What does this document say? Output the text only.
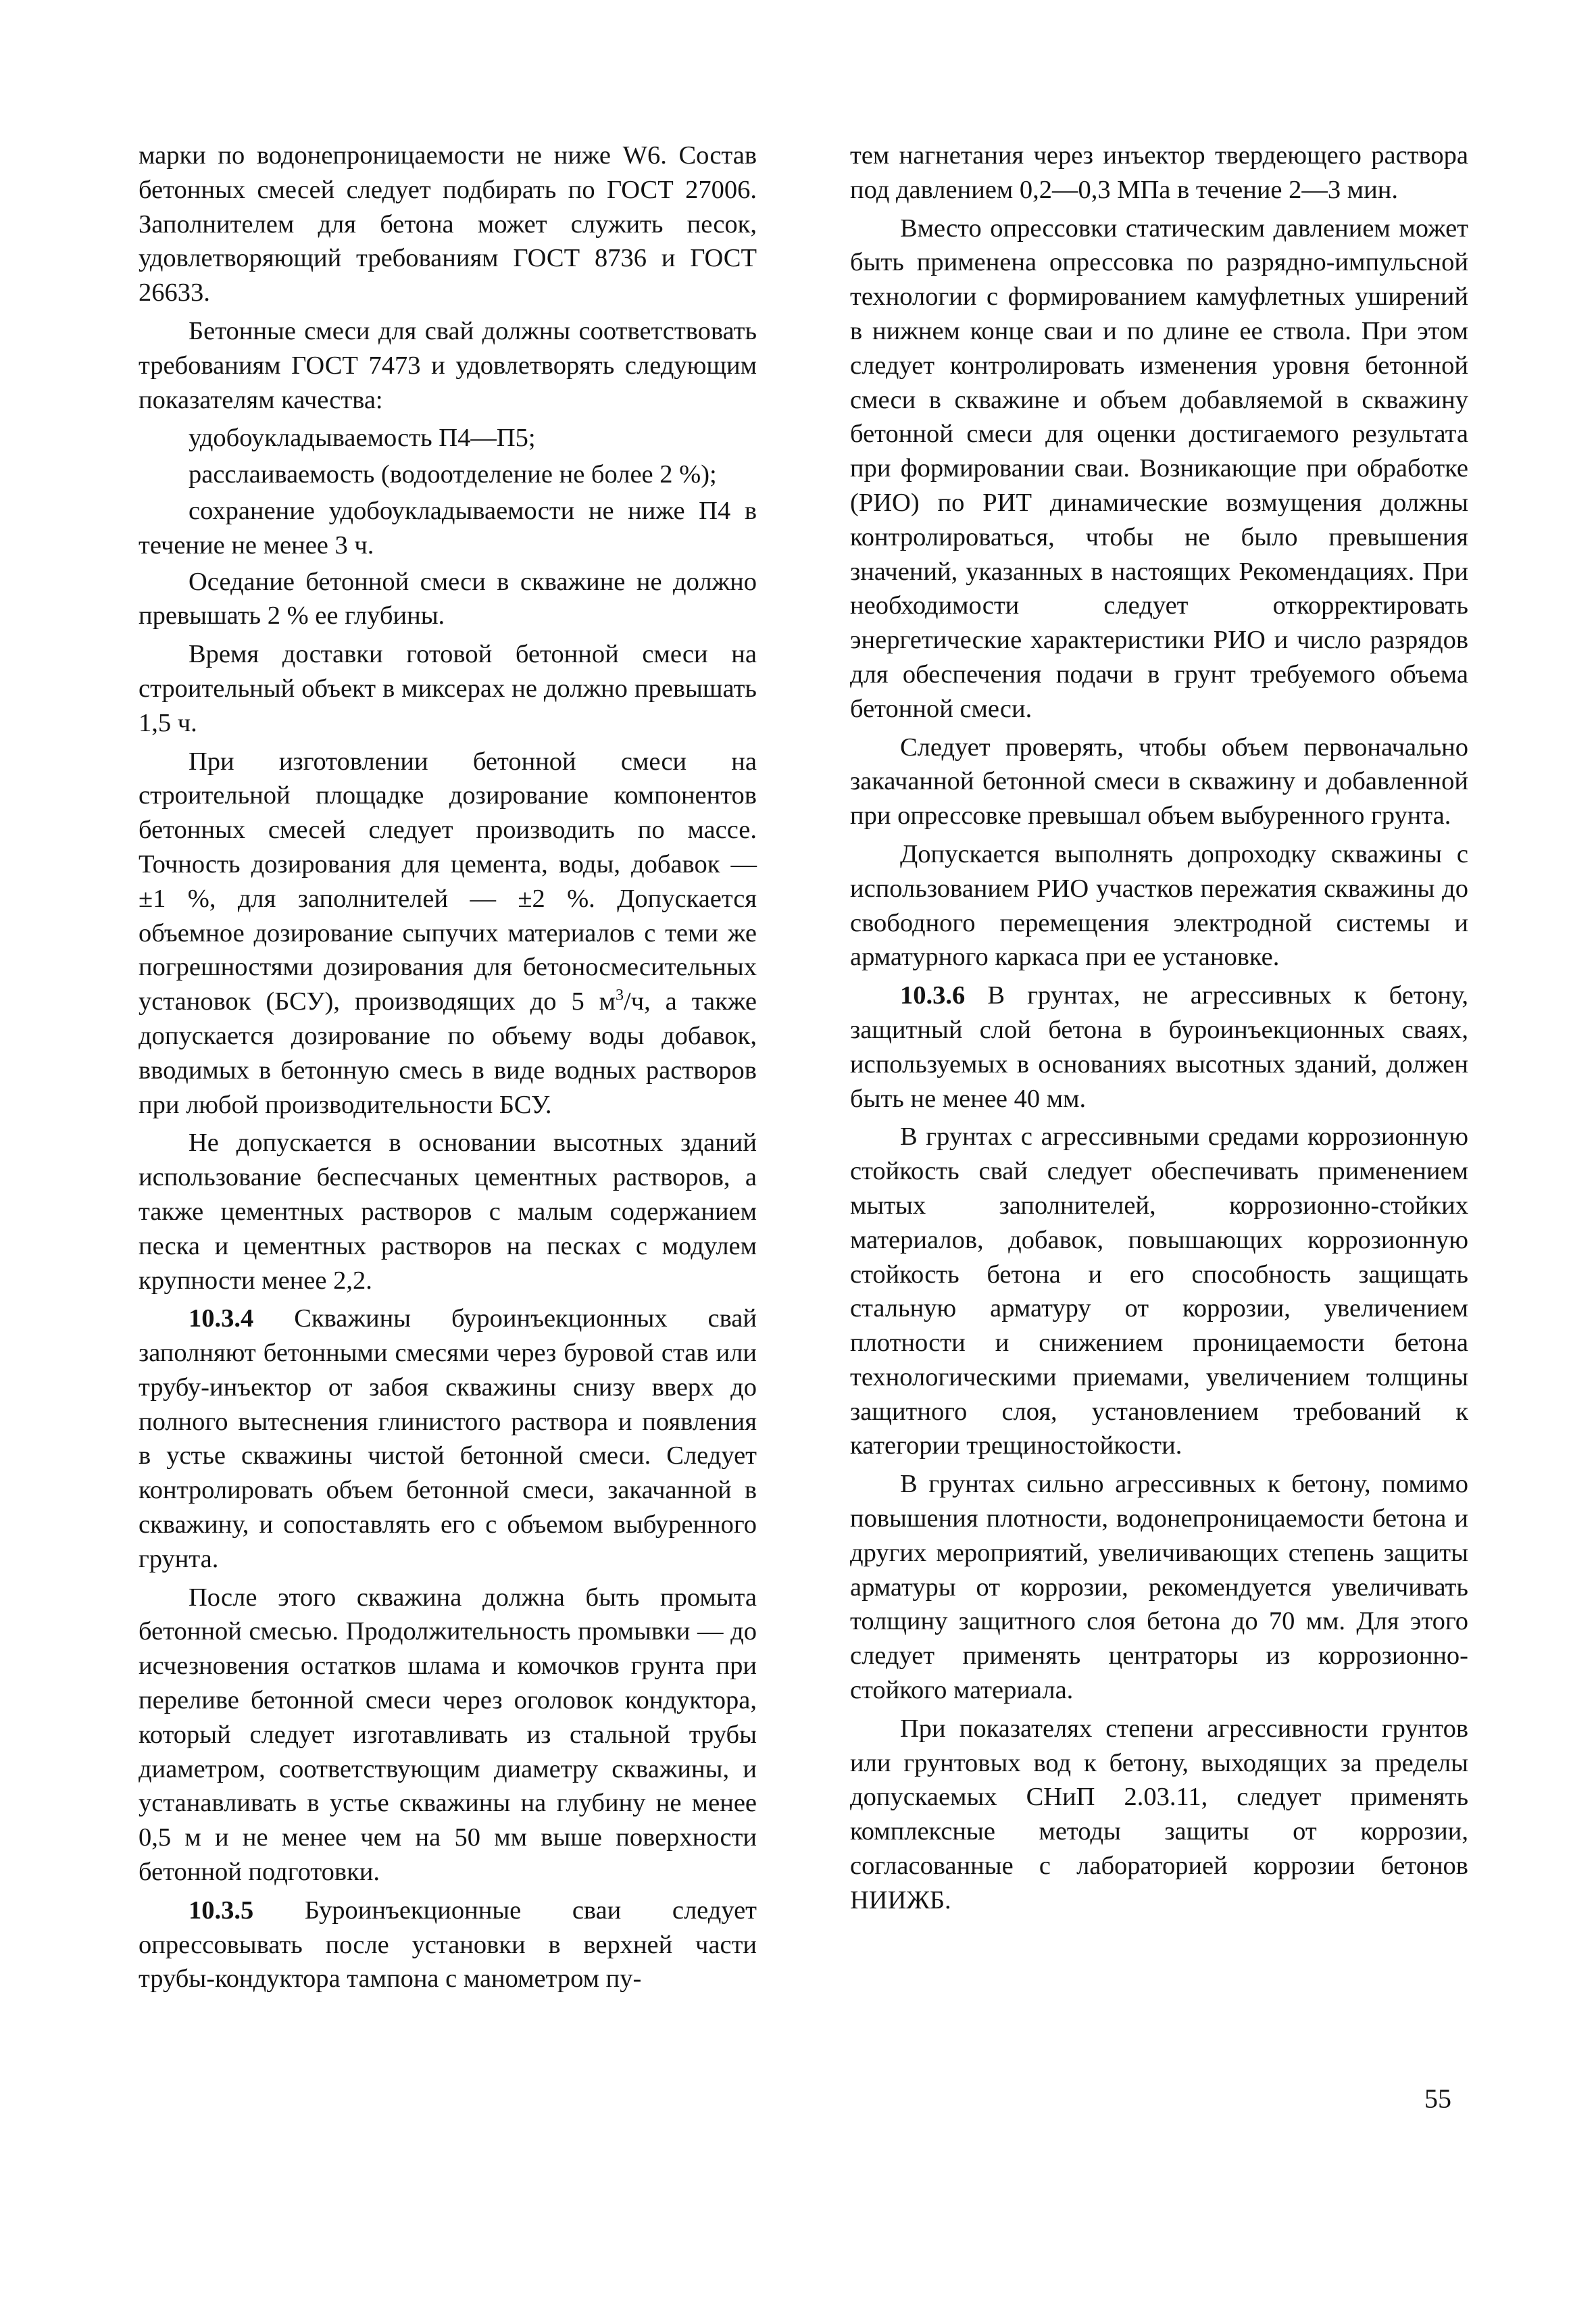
марки по водонепроницаемости не ниже W6. Состав бетонных смесей следует подбирать по ГОСТ 27006. Заполнителем для бетона может служить песок, удовлетворяющий требованиям ГОСТ 8736 и ГОСТ 26633.

Бетонные смеси для свай должны соответствовать требованиям ГОСТ 7473 и удовлетворять следующим показателям качества:

удобоукладываемость П4—П5;

расслаиваемость (водоотделение не более 2 %);

сохранение удобоукладываемости не ниже П4 в течение не менее 3 ч.

Оседание бетонной смеси в скважине не должно превышать 2 % ее глубины.

Время доставки готовой бетонной смеси на строительный объект в миксерах не должно превышать 1,5 ч.

При изготовлении бетонной смеси на строительной площадке дозирование компонентов бетонных смесей следует производить по массе. Точность дозирования для цемента, воды, добавок — ±1 %, для заполнителей — ±2 %. Допускается объемное дозирование сыпучих материалов с теми же погрешностями дозирования для бетоносмесительных установок (БСУ), производящих до 5 $м^3/ч$, а также допускается дозирование по объему воды добавок, вводимых в бетонную смесь в виде водных растворов при любой производительности БСУ.

Не допускается в основании высотных зданий использование беспесчаных цементных растворов, а также цементных растворов с малым содержанием песка и цементных растворов на песках с модулем крупности менее 2,2.

10.3.4 Скважины буроинъекционных свай заполняют бетонными смесями через буровой став или трубу-инъектор от забоя скважины снизу вверх до полного вытеснения глинистого раствора и появления в устье скважины чистой бетонной смеси. Следует контролировать объем бетонной смеси, закачанной в скважину, и сопоставлять его с объемом выбуренного грунта.

После этого скважина должна быть промыта бетонной смесью. Продолжительность промывки — до исчезновения остатков шлама и комочков грунта при переливе бетонной смеси через оголовок кондуктора, который следует изготавливать из стальной трубы диаметром, соответствующим диаметру скважины, и устанавливать в устье скважины на глубину не менее 0,5 м и не менее чем на 50 мм выше поверхности бетонной подготовки.

10.3.5 Буроинъекционные сваи следует опрессовывать после установки в верхней части трубы-кондуктора тампона с манометром пу-

тем нагнетания через инъектор твердеющего раствора под давлением 0,2—0,3 МПа в течение 2—3 мин.

Вместо опрессовки статическим давлением может быть применена опрессовка по разрядно-импульсной технологии с формированием камуфлетных уширений в нижнем конце сваи и по длине ее ствола. При этом следует контролировать изменения уровня бетонной смеси в скважине и объем добавляемой в скважину бетонной смеси для оценки достигаемого результата при формировании сваи. Возникающие при обработке (РИО) по РИТ динамические возмущения должны контролироваться, чтобы не было превышения значений, указанных в настоящих Рекомендациях. При необходимости следует откорректировать энергетические характеристики РИО и число разрядов для обеспечения подачи в грунт требуемого объема бетонной смеси.

Следует проверять, чтобы объем первоначально закачанной бетонной смеси в скважину и добавленной при опрессовке превышал объем выбуренного грунта.

Допускается выполнять допроходку скважины с использованием РИО участков пережатия скважины до свободного перемещения электродной системы и арматурного каркаса при ее установке.

10.3.6 В грунтах, не агрессивных к бетону, защитный слой бетона в буроинъекционных сваях, используемых в основаниях высотных зданий, должен быть не менее 40 мм.

В грунтах с агрессивными средами коррозионную стойкость свай следует обеспечивать применением мытых заполнителей, коррозионно-стойких материалов, добавок, повышающих коррозионную стойкость бетона и его способность защищать стальную арматуру от коррозии, увеличением плотности и снижением проницаемости бетона технологическими приемами, увеличением толщины защитного слоя, установлением требований к категории трещиностойкости.

В грунтах сильно агрессивных к бетону, помимо повышения плотности, водонепроницаемости бетона и других мероприятий, увеличивающих степень защиты арматуры от коррозии, рекомендуется увеличивать толщину защитного слоя бетона до 70 мм. Для этого следует применять центраторы из коррозионно-стойкого материала.

При показателях степени агрессивности грунтов или грунтовых вод к бетону, выходящих за пределы допускаемых СНиП 2.03.11, следует применять комплексные методы защиты от коррозии, согласованные с лабораторией коррозии бетонов НИИЖБ.

55
